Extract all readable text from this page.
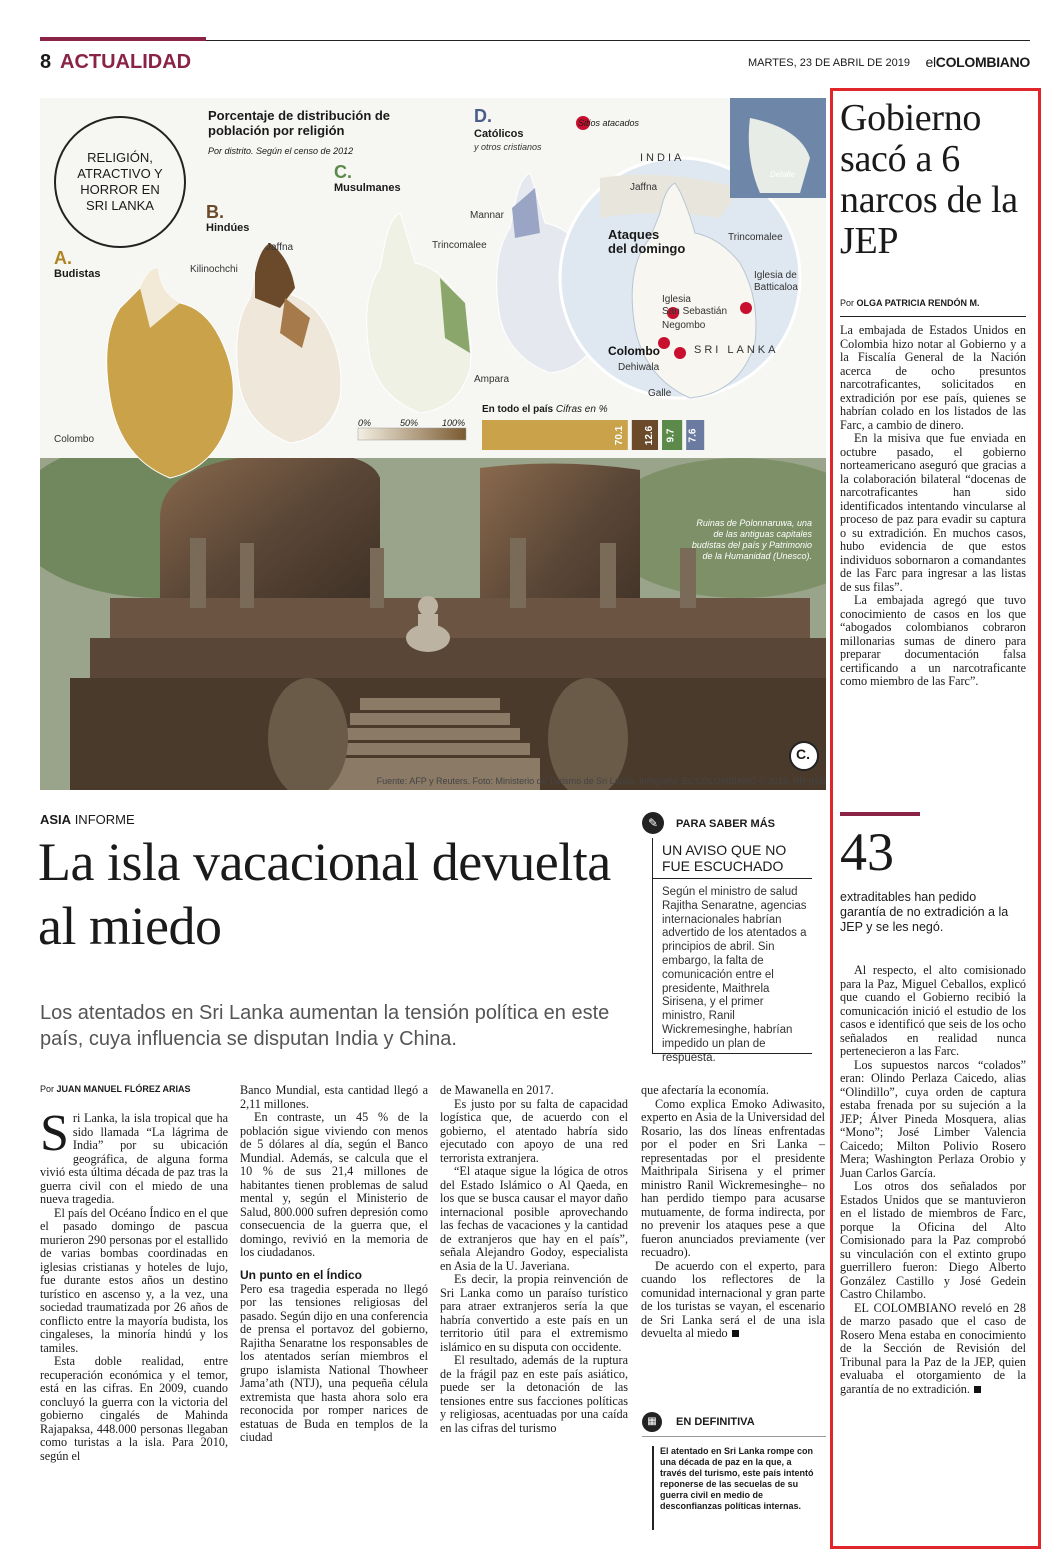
8 ACTUALIDAD	MARTES, 23 DE ABRIL DE 2019 elCOLOMBIANO
RELIGIÓN,
ATRACTIVO Y
HORROR EN
SRI LANKA
Porcentaje de distribución de población por religión
Por distrito. Según el censo de 2012
A.
Budistas
B.
Hindúes
C.
Musulmanes
D.
Católicos
y otros cristianos
Colombo
Kilinochchi
Jaffna	Trincomalee
Ampara
Mannar
Sitios atacados
INDIA
SRI LANKA
Ataques
del domingo
Jaffna
Trincomalee
Iglesia de
Batticaloa
Iglesia
San Sebastián
Negombo
Colombo
Dehiwala
Galle
Detalle
0%	50%	100%
En todo el país Cifras en %
70.1 12.6 9.7 7.6
Ruinas de Polonnaruwa, una de las antiguas capitales budistas del país y Patrimonio de la Humanidad (Unesco).
C.
Fuente: AFP y Reuters. Foto: Ministerio de Turismo de Sri Lanka. Infografía: EL COLOMBIANO © 2019. RR (N4)
ASIA INFORME
La isla vacacional devuelta al miedo
Los atentados en Sri Lanka aumentan la tensión política en este país, cuya influencia se disputan India y China.
Por JUAN MANUEL FLÓREZ ARIAS

Sri Lanka, la isla tropical que ha sido llamada “La lágrima de India” por su ubicación geográfica, de alguna forma vivió esta última década de paz tras la guerra civil con el miedo de una nueva tragedia.

El país del Océano Índico en el que el pasado domingo de pascua murieron 290 personas por el estallido de varias bombas coordinadas en iglesias cristianas y hoteles de lujo, fue durante estos años un destino turístico en ascenso y, a la vez, una sociedad traumatizada por 26 años de conflicto entre la mayoría budista, los cingaleses, la minoría hindú y los tamiles.

Esta doble realidad, entre recuperación económica y el temor, está en las cifras. En 2009, cuando concluyó la guerra con la victoria del gobierno cingalés de Mahinda Rajapaksa, 448.000 personas llegaban como turistas a la isla. Para 2010, según el

Banco Mundial, esta cantidad llegó a 2,11 millones.

En contraste, un 45 % de la población sigue viviendo con menos de 5 dólares al día, según el Banco Mundial. Además, se calcula que el 10 % de sus 21,4 millones de habitantes tienen problemas de salud mental y, según el Ministerio de Salud, 800.000 sufren depresión como consecuencia de la guerra que, el domingo, revivió en la memoria de los ciudadanos.

Un punto en el Índico

Pero esa tragedia esperada no llegó por las tensiones religiosas del pasado. Según dijo en una conferencia de prensa el portavoz del gobierno, Rajitha Senaratne los responsables de los atentados serían miembros el grupo islamista National Thowheer Jama’ath (NTJ), una pequeña célula extremista que hasta ahora solo era reconocida por romper narices de estatuas de Buda en templos de la ciudad

de Mawanella en 2017.

Es justo por su falta de capacidad logística que, de acuerdo con el gobierno, el atentado habría sido ejecutado con apoyo de una red terrorista extranjera.

“El ataque sigue la lógica de otros del Estado Islámico o Al Qaeda, en los que se busca causar el mayor daño internacional posible aprovechando las fechas de vacaciones y la cantidad de extranjeros que hay en el país”, señala Alejandro Godoy, especialista en Asia de la U. Javeriana.

Es decir, la propia reinvención de Sri Lanka como un paraíso turístico para atraer extranjeros sería la que habría convertido a este país en un territorio útil para el extremismo islámico en su disputa con occidente.

El resultado, además de la ruptura de la frágil paz en este país asiático, puede ser la detonación de las tensiones entre sus facciones políticas y religiosas, acentuadas por una caída en las cifras del turismo

que afectaría la economía.

Como explica Emoko Adiwasito, experto en Asia de la Universidad del Rosario, las dos líneas enfrentadas por el poder en Sri Lanka –representadas por el presidente Maithripala Sirisena y el primer ministro Ranil Wickremesinghe– no han perdido tiempo para acusarse mutuamente, de forma indirecta, por no prevenir los ataques pese a que fueron anunciados previamente (ver recuadro).

De acuerdo con el experto, para cuando los reflectores de la comunidad internacional y gran parte de los turistas se vayan, el escenario de Sri Lanka será el de una isla devuelta al miedo

✎	PARA SABER MÁS
UN AVISO QUE NO FUE ESCUCHADO
Según el ministro de salud Rajitha Senaratne, agencias internacionales habrían advertido de los atentados a principios de abril. Sin embargo, la falta de comunicación entre el presidente, Maithrela Sirisena, y el primer ministro, Ranil Wickremesinghe, habrían impedido un plan de respuesta.
▦	EN DEFINITIVA
El atentado en Sri Lanka rompe con una década de paz en la que, a través del turismo, este país intentó reponerse de las secuelas de su guerra civil en medio de desconfianzas políticas internas.
Gobierno sacó a 6 narcos de la JEP
Por OLGA PATRICIA RENDÓN M.

La embajada de Estados Unidos en Colombia hizo notar al Gobierno y a la Fiscalía General de la Nación acerca de ocho presuntos narcotraficantes, solicitados en extradición por ese país, quienes se habrían colado en los listados de las Farc, a cambio de dinero.

En la misiva que fue enviada en octubre pasado, el gobierno norteamericano aseguró que gracias a la colaboración bilateral “docenas de narcotraficantes han sido identificados intentando vincularse al proceso de paz para evadir su captura o su extradición. En muchos casos, hubo evidencia de que estos individuos sobornaron a comandantes de las Farc para ingresar a las listas de sus filas”.

La embajada agregó que tuvo conocimiento de casos en los que “abogados colombianos cobraron millonarias sumas de dinero para preparar documentación falsa certificando a un narcotraficante como miembro de las Farc”.

43
extraditables han pedido garantía de no extradición a la JEP y se les negó.

Al respecto, el alto comisionado para la Paz, Miguel Ceballos, explicó que cuando el Gobierno recibió la comunicación inició el estudio de los casos e identificó que seis de los ocho señalados en realidad nunca pertenecieron a las Farc.

Los supuestos narcos “colados” eran: Olindo Perlaza Caicedo, alias “Olindillo”, cuya orden de captura estaba frenada por su sujeción a la JEP; Álver Pineda Mosquera, alias “Mono”; José Limber Valencia Caicedo; Milton Polivio Rosero Mera; Washington Perlaza Orobio y Juan Carlos García.

Los otros dos señalados por Estados Unidos que se mantuvieron en el listado de miembros de Farc, porque la Oficina del Alto Comisionado para la Paz comprobó su vinculación con el extinto grupo guerrillero fueron: Diego Alberto González Castillo y José Gedein Castro Chilambo.

EL COLOMBIANO reveló en 28 de marzo pasado que el caso de Rosero Mena estaba en conocimiento de la Sección de Revisión del Tribunal para la Paz de la JEP, quien evaluaba el otorgamiento de la garantía de no extradición.
